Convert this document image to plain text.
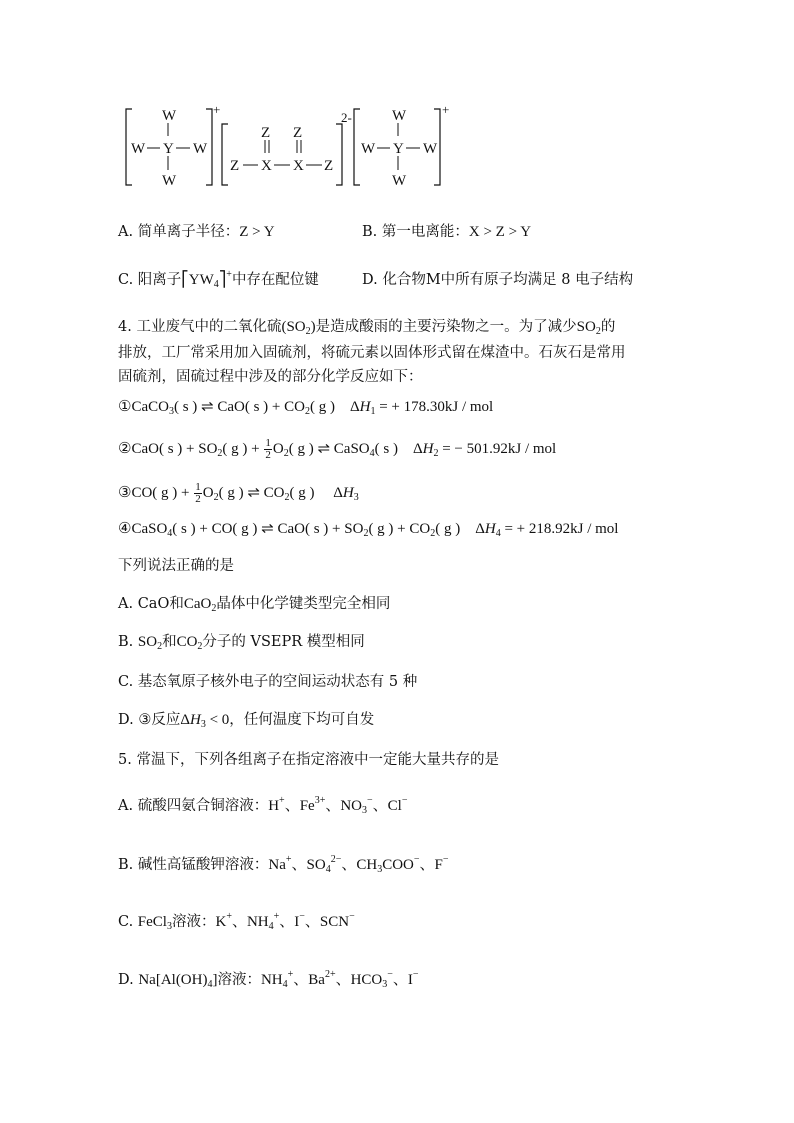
W
W Y W
W
+
Z Z
Z X X Z
2-	W
W Y W
W
+
A. 简单离子半径：Z > Y	B. 第一电离能：X > Z > Y
C. 阳离子$⎡YW_4⎤^+$中存在配位键	D. 化合物M中所有原子均满足 8 电子结构
4. 工业废气中的二氧化硫$(SO_2)$是造成酸雨的主要污染物之一。为了减少$SO_2$的
排放，工厂常采用加入固硫剂，将硫元素以固体形式留在煤渣中。石灰石是常用
固硫剂，固硫过程中涉及的部分化学反应如下：
①CaCO$_3$( s ) ⇌ CaO( s ) + $CO_2$( g )    $\Delta H_1$ = + 178.30kJ / mol
②CaO( s ) + $SO_2$( g ) + $\frac{1}{2} O_2$( g ) ⇌ CaSO$_4$( s )    $\Delta H_2$ = − 501.92kJ / mol
③CO( g ) + $\frac{1}{2} O_2$( g ) ⇌ $CO_2$( g )     $\Delta H_3$
④CaSO$_4$( s ) + CO( g ) ⇌ CaO( s ) + $SO_2$( g ) + $CO_2$( g )    $\Delta H_4$ = + 218.92kJ / mol
下列说法正确的是
A. CaO和CaO$_2$晶体中化学键类型完全相同
B. $SO_2$和$CO_2$分子的 VSEPR 模型相同
C. 基态氧原子核外电子的空间运动状态有 5 种
D. ③反应$\Delta H_3 < 0$，任何温度下均可自发
5. 常温下，下列各组离子在指定溶液中一定能大量共存的是
A. 硫酸四氨合铜溶液：H+、$Fe^{3+}$、$NO_3^-$、Cl−
B. 碱性高锰酸钾溶液：Na+、$SO_4^{2-}$、$CH_3COO^-$、F−
C. FeCl$_3$溶液：K+、$NH_4^+$、I−、SCN−
D. $Na[Al(OH)_4]$溶液：$NH_4^+$、$Ba^{2+}$、$HCO_3^-$、I−
